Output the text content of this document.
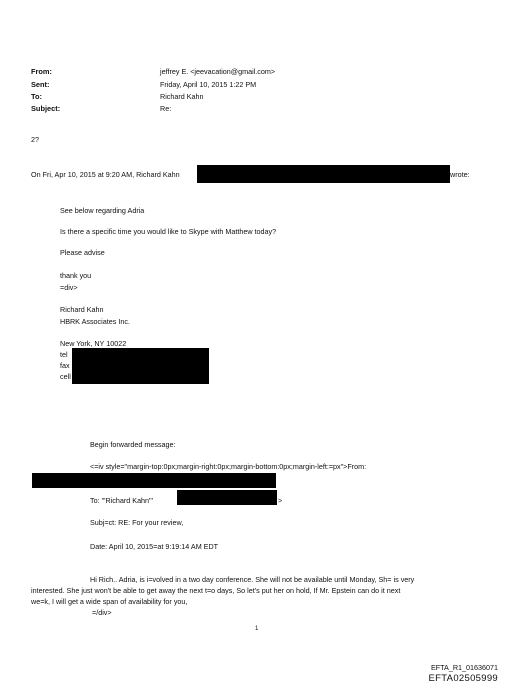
From:
Sent:
To:
Subject:
jeffrey E. <jeevacation@gmail.com>
Friday, April 10, 2015 1:22 PM
Richard Kahn
Re:
2?
On Fri, Apr 10, 2015 at 9:20 AM, Richard Kahn	wrote:
See below regarding Adria
Is there a specific time you would like to Skype with Matthew today?
Please advise
thank you
=div>
Richard Kahn
HBRK Associates Inc.
New York, NY 10022
tel
fax
cell
Begin forwarded message:
<=iv style="margin-top:0px;margin-right:0px;margin-bottom:0px;margin-left:=px">From:
To: "'Richard Kahn'"	>
Subj=ct: RE: For your review,
Date: April 10, 2015=at 9:19:14 AM EDT
Hi Rich.. Adria, is i=volved in a two day conference. She will not be available until Monday, Sh= is very
interested. She just won't be able to get away the next t=o days, So let's put her on hold, If Mr. Epstein can do it next
we=k, I will get a wide span of availability for you,
=/div>
1
EFTA_R1_01636071
EFTA02505999
